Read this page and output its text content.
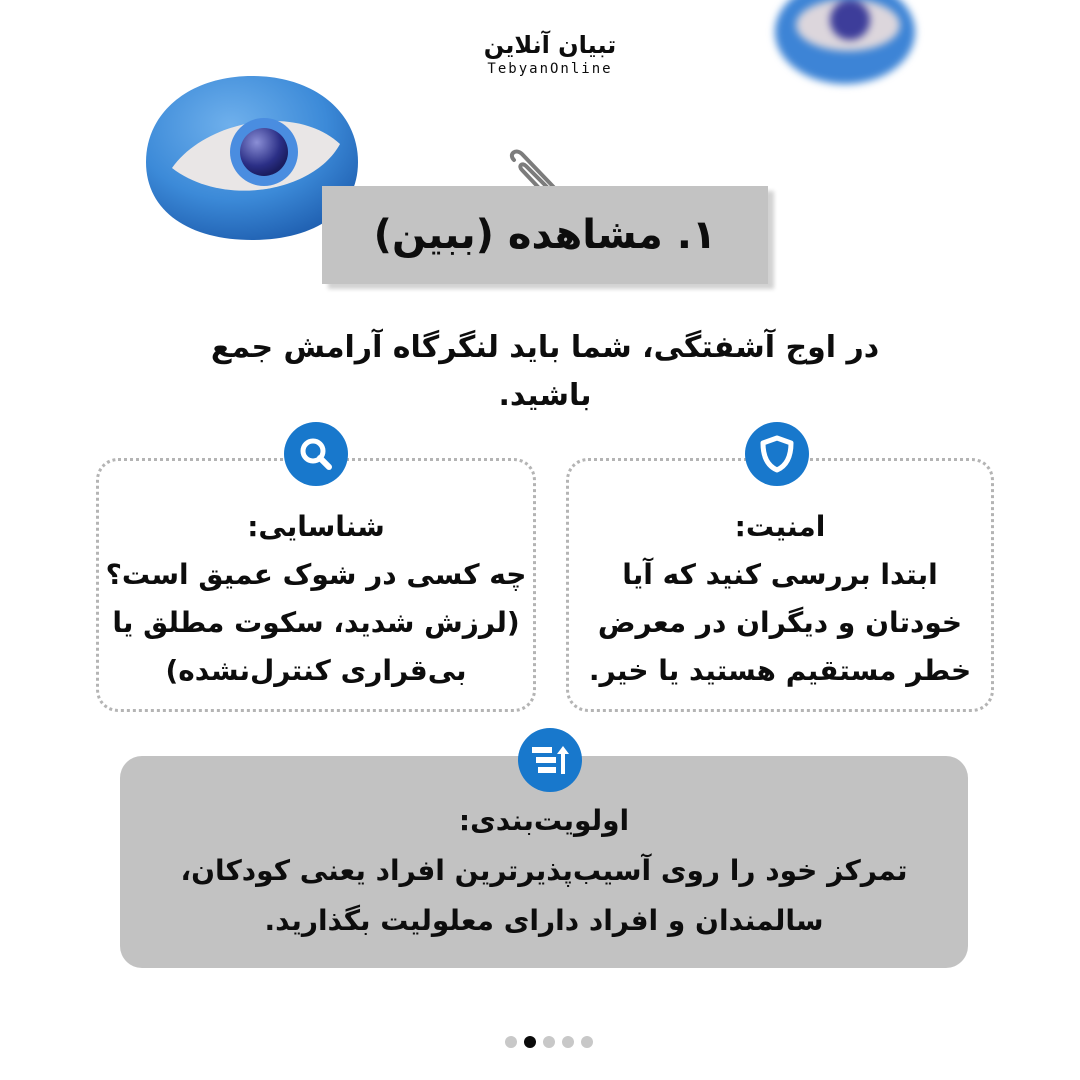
تبیان آنلاین
TebyanOnline
۱. مشاهده (ببین)
در اوج آشفتگی، شما باید لنگرگاه آرامش جمع باشید.
امنیت:
ابتدا بررسی کنید که آیا
خودتان و دیگران در معرض
خطر مستقیم هستید یا خیر.
شناسایی:
چه کسی در شوک عمیق است؟
(لرزش شدید، سکوت مطلق یا
بی‌قراری کنترل‌نشده)
اولویت‌بندی:
تمرکز خود را روی آسیب‌پذیرترین افراد یعنی کودکان،
سالمندان و افراد دارای معلولیت بگذارید.
